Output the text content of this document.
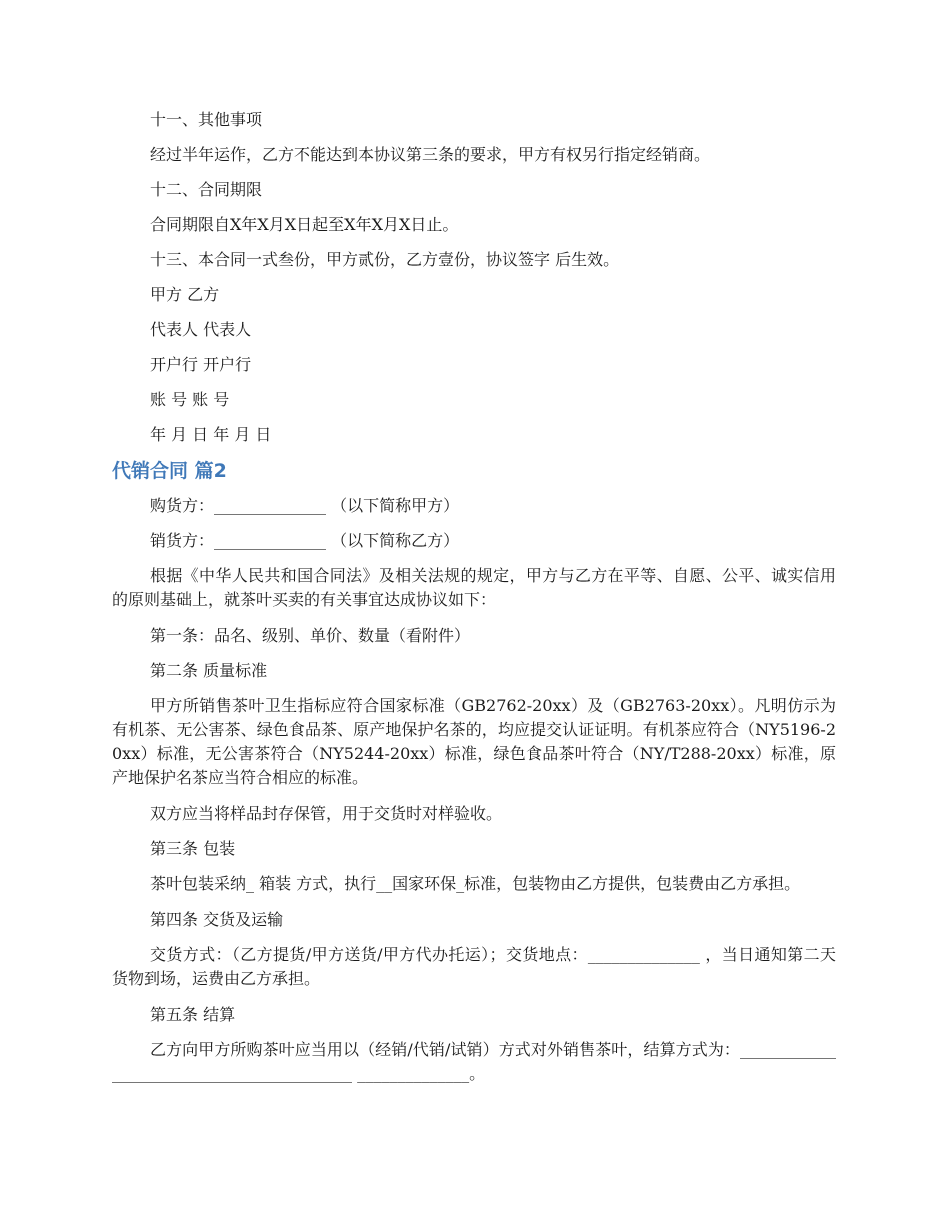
十一、其他事项

经过半年运作，乙方不能达到本协议第三条的要求，甲方有权另行指定经销商。

十二、合同期限

合同期限自X年X月X日起至X年X月X日止。

十三、本合同一式叁份，甲方贰份，乙方壹份，协议签字 后生效。

甲方 乙方

代表人 代表人

开户行 开户行

账 号 账 号

年 月 日 年 月 日

代销合同 篇2

购货方：______________ （以下简称甲方）

销货方：______________ （以下简称乙方）

根据《中华人民共和国合同法》及相关法规的规定，甲方与乙方在平等、自愿、公平、诚实信用的原则基础上，就茶叶买卖的有关事宜达成协议如下：

第一条：品名、级别、单价、数量（看附件）

第二条 质量标准

甲方所销售茶叶卫生指标应符合国家标准（GB2762-20xx）及（GB2763-20xx）。凡明仿示为有机茶、无公害茶、绿色食品茶、原产地保护名茶的，均应提交认证证明。有机茶应符合（NY5196-20xx）标准，无公害茶符合（NY5244-20xx）标准，绿色食品茶叶符合（NY/T288-20xx）标准，原产地保护名茶应当符合相应的标准。

双方应当将样品封存保管，用于交货时对样验收。

第三条 包装

茶叶包装采纳_ 箱装 方式，执行__国家环保_标准，包装物由乙方提供，包装费由乙方承担。

第四条 交货及运输

交货方式：（乙方提货/甲方送货/甲方代办托运）；交货地点：______________ ，当日通知第二天货物到场，运费由乙方承担。

第五条 结算

乙方向甲方所购茶叶应当用以（经销/代销/试销）方式对外销售茶叶，结算方式为：__________________________________________ ______________。
